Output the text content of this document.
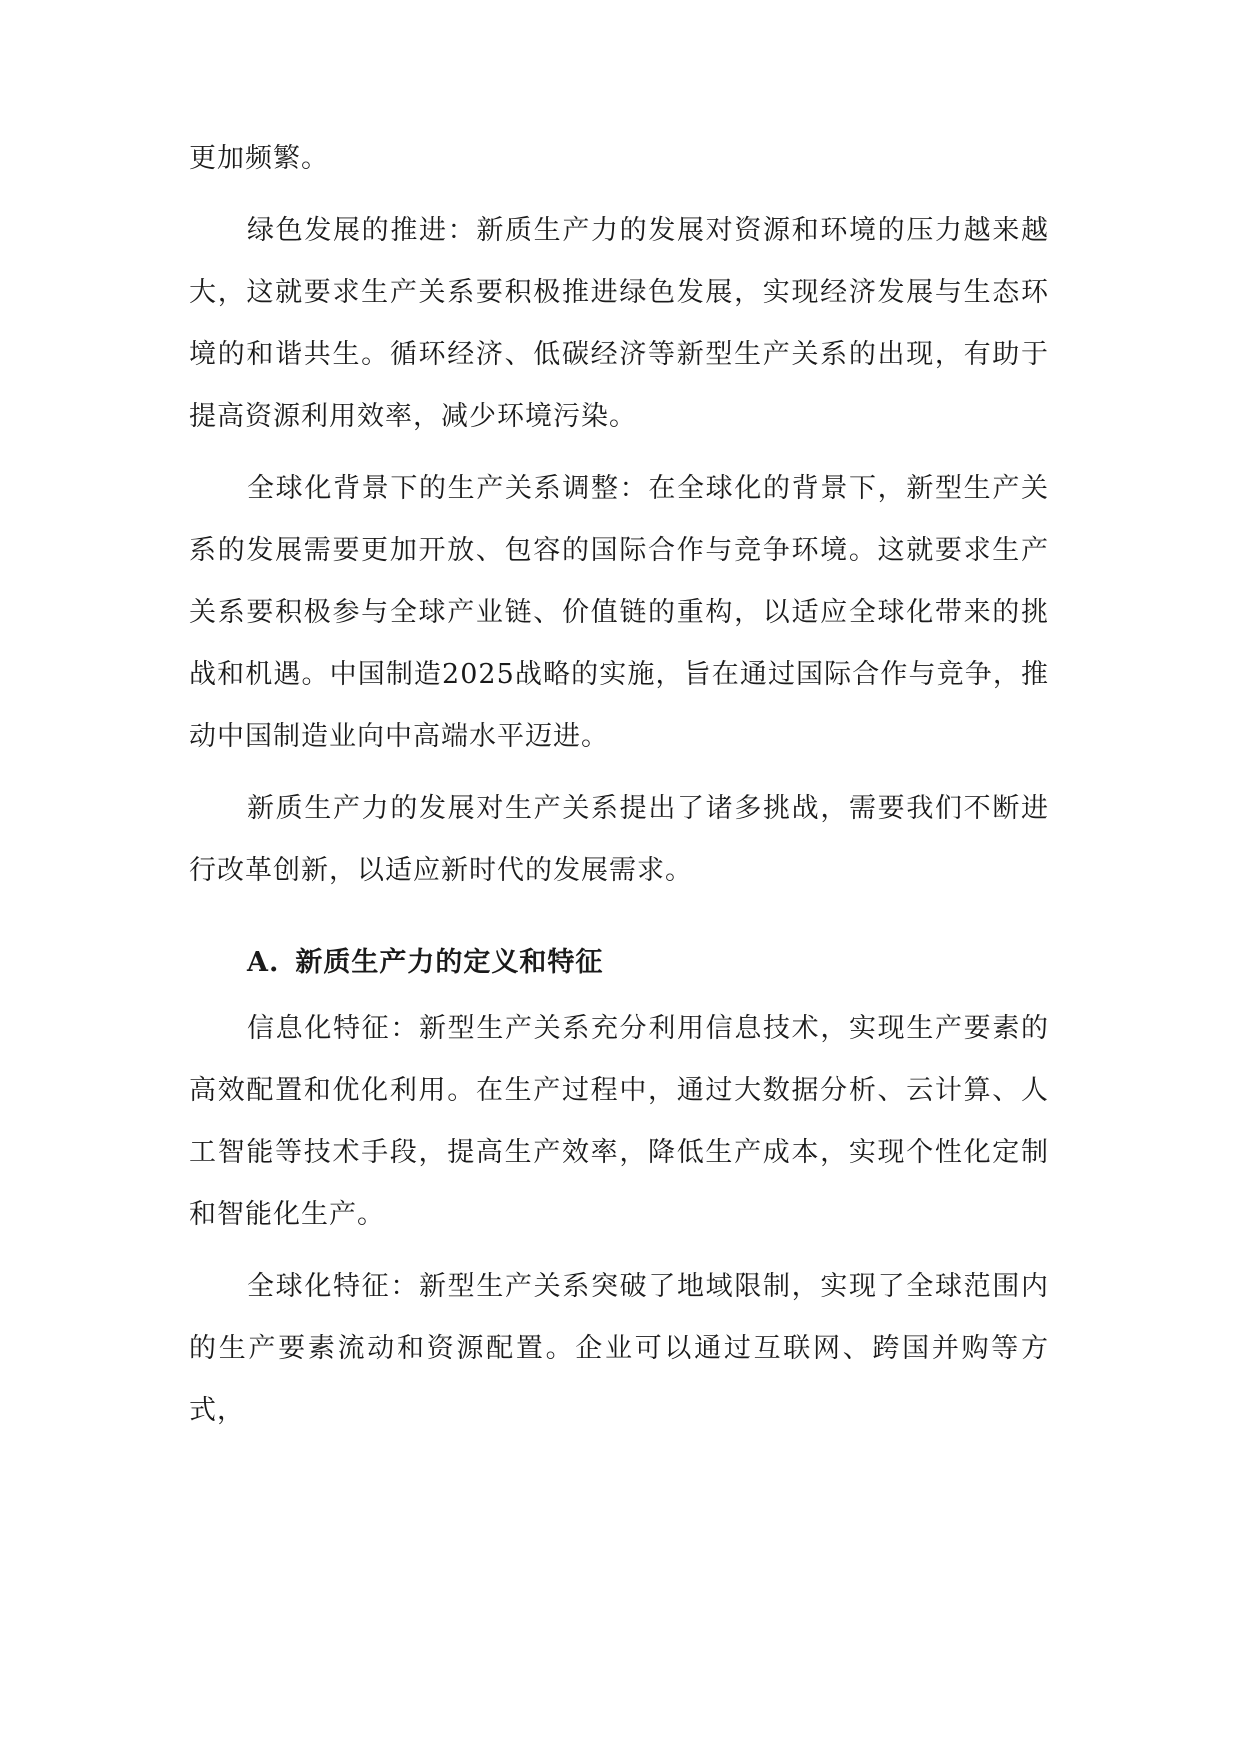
更加频繁。

绿色发展的推进：新质生产力的发展对资源和环境的压力越来越大，这就要求生产关系要积极推进绿色发展，实现经济发展与生态环境的和谐共生。循环经济、低碳经济等新型生产关系的出现，有助于提高资源利用效率，减少环境污染。

全球化背景下的生产关系调整：在全球化的背景下，新型生产关系的发展需要更加开放、包容的国际合作与竞争环境。这就要求生产关系要积极参与全球产业链、价值链的重构，以适应全球化带来的挑战和机遇。中国制造2025战略的实施，旨在通过国际合作与竞争，推动中国制造业向中高端水平迈进。

新质生产力的发展对生产关系提出了诸多挑战，需要我们不断进行改革创新，以适应新时代的发展需求。

A. 新质生产力的定义和特征

信息化特征：新型生产关系充分利用信息技术，实现生产要素的高效配置和优化利用。在生产过程中，通过大数据分析、云计算、人工智能等技术手段，提高生产效率，降低生产成本，实现个性化定制和智能化生产。

全球化特征：新型生产关系突破了地域限制，实现了全球范围内的生产要素流动和资源配置。企业可以通过互联网、跨国并购等方式，
